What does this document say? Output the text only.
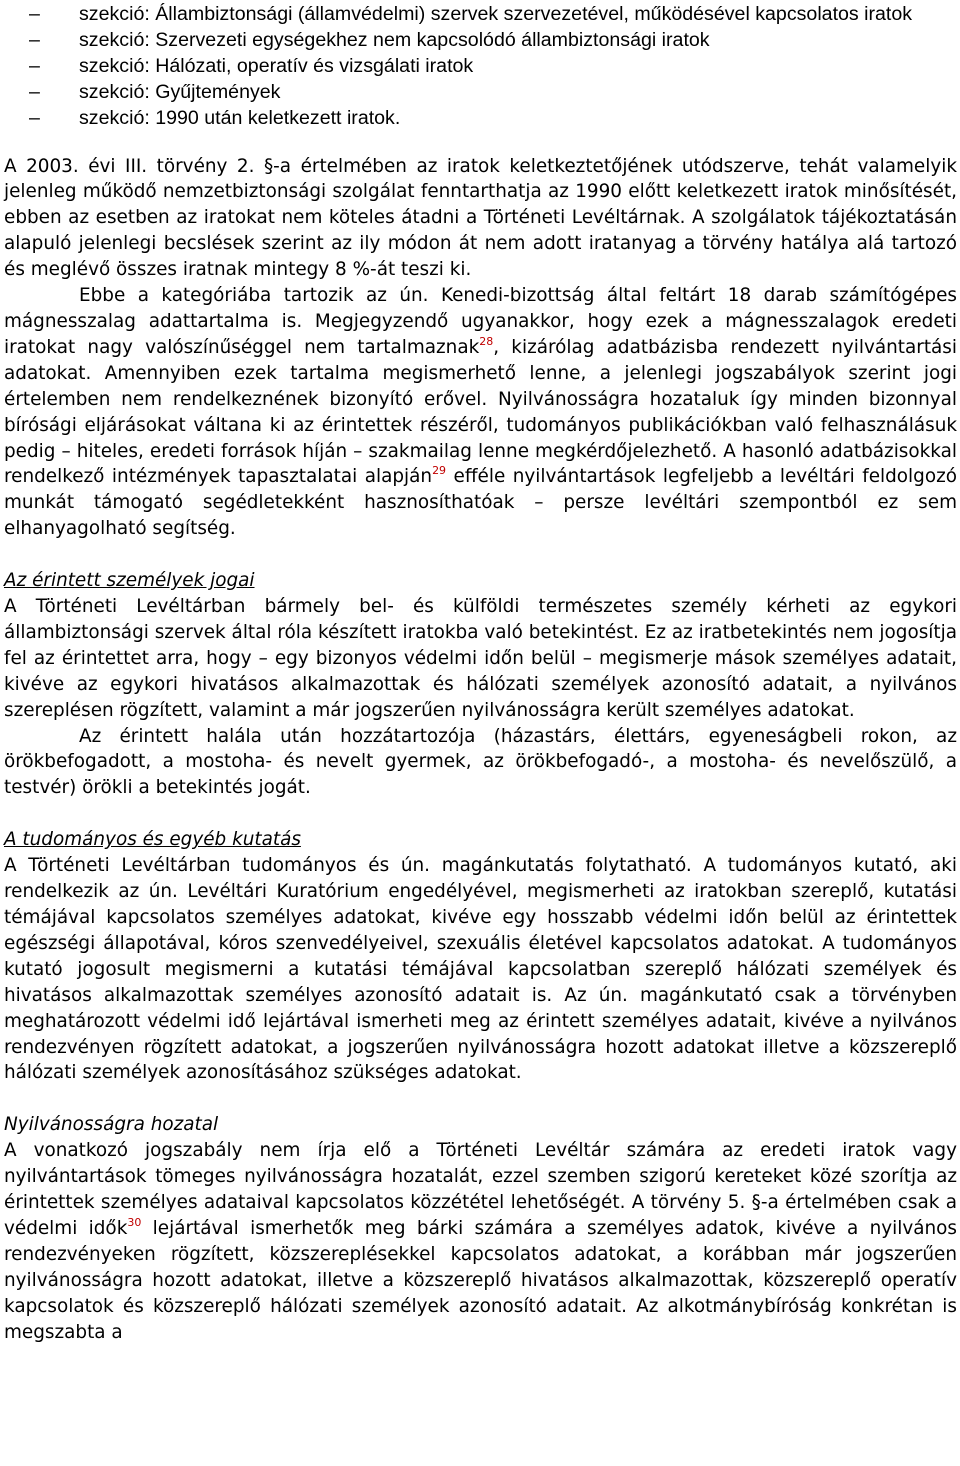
– szekció: Állambiztonsági (államvédelmi) szervek szervezetével, működésével kapcsolatos iratok
– szekció: Szervezeti egységekhez nem kapcsolódó állambiztonsági iratok
– szekció: Hálózati, operatív és vizsgálati iratok
– szekció: Gyűjtemények
– szekció: 1990 után keletkezett iratok.

A 2003. évi III. törvény 2. §-a értelmében az iratok keletkeztetőjének utódszerve, tehát valamelyik jelenleg működő nemzetbiztonsági szolgálat fenntarthatja az 1990 előtt keletkezett iratok minősítését, ebben az esetben az iratokat nem köteles átadni a Történeti Levéltárnak. A szolgálatok tájékoztatásán alapuló jelenlegi becslések szerint az ily módon át nem adott iratanyag a törvény hatálya alá tartozó és meglévő összes iratnak mintegy 8 %-át teszi ki.

Ebbe a kategóriába tartozik az ún. Kenedi-bizottság által feltárt 18 darab számítógépes mágnesszalag adattartalma is. Megjegyzendő ugyanakkor, hogy ezek a mágnesszalagok eredeti iratokat nagy valószínűséggel nem tartalmaznak$^{28}$, kizárólag adatbázisba rendezett nyilvántartási adatokat. Amennyiben ezek tartalma megismerhető lenne, a jelenlegi jogszabályok szerint jogi értelemben nem rendelkeznének bizonyító erővel. Nyilvánosságra hozataluk így minden bizonnyal bírósági eljárásokat váltana ki az érintettek részéről, tudományos publikációkban való felhasználásuk pedig – hiteles, eredeti források híján – szakmailag lenne megkérdőjelezhető. A hasonló adatbázisokkal rendelkező intézmények tapasztalatai alapján$^{29}$ efféle nyilvántartások legfeljebb a levéltári feldolgozó munkát támogató segédletekként hasznosíthatóak – persze levéltári szempontból ez sem elhanyagolható segítség.

Az érintett személyek jogai

A Történeti Levéltárban bármely bel- és külföldi természetes személy kérheti az egykori állambiztonsági szervek által róla készített iratokba való betekintést. Ez az iratbetekintés nem jogosítja fel az érintettet arra, hogy – egy bizonyos védelmi időn belül – megismerje mások személyes adatait, kivéve az egykori hivatásos alkalmazottak és hálózati személyek azonosító adatait, a nyilvános szereplésen rögzített, valamint a már jogszerűen nyilvánosságra került személyes adatokat.

Az érintett halála után hozzátartozója (házastárs, élettárs, egyeneságbeli rokon, az örökbefogadott, a mostoha- és nevelt gyermek, az örökbefogadó-, a mostoha- és nevelőszülő, a testvér) örökli a betekintés jogát.

A tudományos és egyéb kutatás

A Történeti Levéltárban tudományos és ún. magánkutatás folytatható. A tudományos kutató, aki rendelkezik az ún. Levéltári Kuratórium engedélyével, megismerheti az iratokban szereplő, kutatási témájával kapcsolatos személyes adatokat, kivéve egy hosszabb védelmi időn belül az érintettek egészségi állapotával, kóros szenvedélyeivel, szexuális életével kapcsolatos adatokat. A tudományos kutató jogosult megismerni a kutatási témájával kapcsolatban szereplő hálózati személyek és hivatásos alkalmazottak személyes azonosító adatait is. Az ún. magánkutató csak a törvényben meghatározott védelmi idő lejártával ismerheti meg az érintett személyes adatait, kivéve a nyilvános rendezvényen rögzített adatokat, a jogszerűen nyilvánosságra hozott adatokat illetve a közszereplő hálózati személyek azonosításához szükséges adatokat.

Nyilvánosságra hozatal

A vonatkozó jogszabály nem írja elő a Történeti Levéltár számára az eredeti iratok vagy nyilvántartások tömeges nyilvánosságra hozatalát, ezzel szemben szigorú kereteket közé szorítja az érintettek személyes adataival kapcsolatos közzététel lehetőségét. A törvény 5. §-a értelmében csak a védelmi idők$^{30}$ lejártával ismerhetők meg bárki számára a személyes adatok, kivéve a nyilvános rendezvényeken rögzített, közszereplésekkel kapcsolatos adatokat, a korábban már jogszerűen nyilvánosságra hozott adatokat, illetve a közszereplő hivatásos alkalmazottak, közszereplő operatív kapcsolatok és közszereplő hálózati személyek azonosító adatait. Az alkotmánybíróság konkrétan is megszabta a
